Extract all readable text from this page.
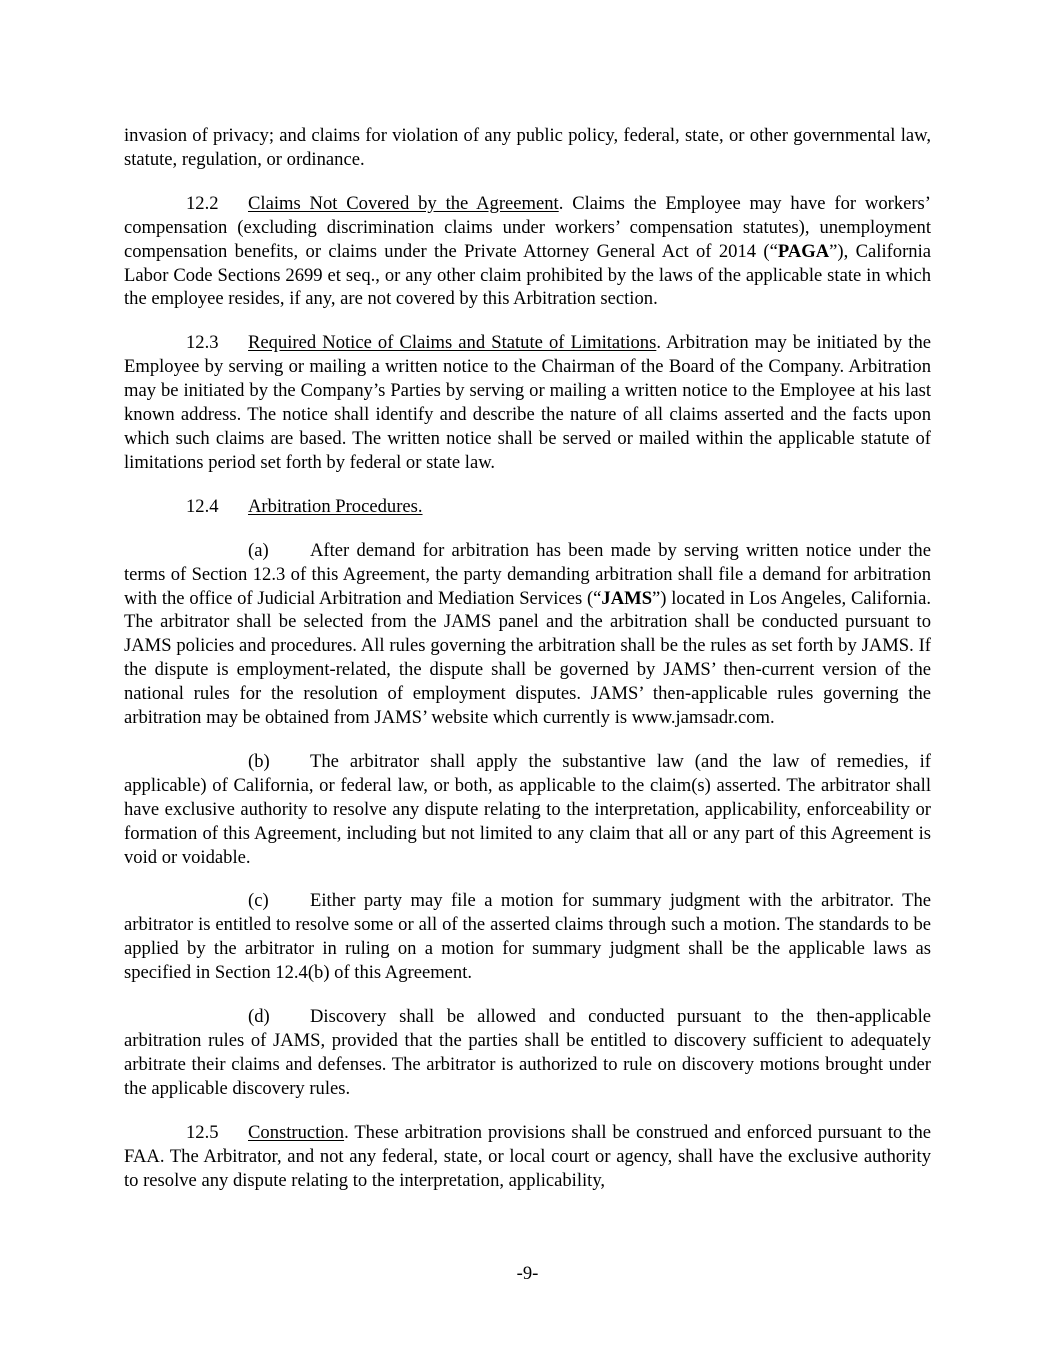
invasion of privacy; and claims for violation of any public policy, federal, state, or other governmental law, statute, regulation, or ordinance.

12.2 Claims Not Covered by the Agreement. Claims the Employee may have for workers’ compensation (excluding discrimination claims under workers’ compensation statutes), unemployment compensation benefits, or claims under the Private Attorney General Act of 2014 (“PAGA”), California Labor Code Sections 2699 et seq., or any other claim prohibited by the laws of the applicable state in which the employee resides, if any, are not covered by this Arbitration section.

12.3 Required Notice of Claims and Statute of Limitations. Arbitration may be initiated by the Employee by serving or mailing a written notice to the Chairman of the Board of the Company. Arbitration may be initiated by the Company’s Parties by serving or mailing a written notice to the Employee at his last known address. The notice shall identify and describe the nature of all claims asserted and the facts upon which such claims are based. The written notice shall be served or mailed within the applicable statute of limitations period set forth by federal or state law.

12.4 Arbitration Procedures.

(a) After demand for arbitration has been made by serving written notice under the terms of Section 12.3 of this Agreement, the party demanding arbitration shall file a demand for arbitration with the office of Judicial Arbitration and Mediation Services (“JAMS”) located in Los Angeles, California. The arbitrator shall be selected from the JAMS panel and the arbitration shall be conducted pursuant to JAMS policies and procedures. All rules governing the arbitration shall be the rules as set forth by JAMS. If the dispute is employment-related, the dispute shall be governed by JAMS’ then-current version of the national rules for the resolution of employment disputes. JAMS’ then-applicable rules governing the arbitration may be obtained from JAMS’ website which currently is www.jamsadr.com.

(b) The arbitrator shall apply the substantive law (and the law of remedies, if applicable) of California, or federal law, or both, as applicable to the claim(s) asserted. The arbitrator shall have exclusive authority to resolve any dispute relating to the interpretation, applicability, enforceability or formation of this Agreement, including but not limited to any claim that all or any part of this Agreement is void or voidable.

(c) Either party may file a motion for summary judgment with the arbitrator. The arbitrator is entitled to resolve some or all of the asserted claims through such a motion. The standards to be applied by the arbitrator in ruling on a motion for summary judgment shall be the applicable laws as specified in Section 12.4(b) of this Agreement.

(d) Discovery shall be allowed and conducted pursuant to the then-applicable arbitration rules of JAMS, provided that the parties shall be entitled to discovery sufficient to adequately arbitrate their claims and defenses. The arbitrator is authorized to rule on discovery motions brought under the applicable discovery rules.

12.5 Construction. These arbitration provisions shall be construed and enforced pursuant to the FAA. The Arbitrator, and not any federal, state, or local court or agency, shall have the exclusive authority to resolve any dispute relating to the interpretation, applicability,

-9-
